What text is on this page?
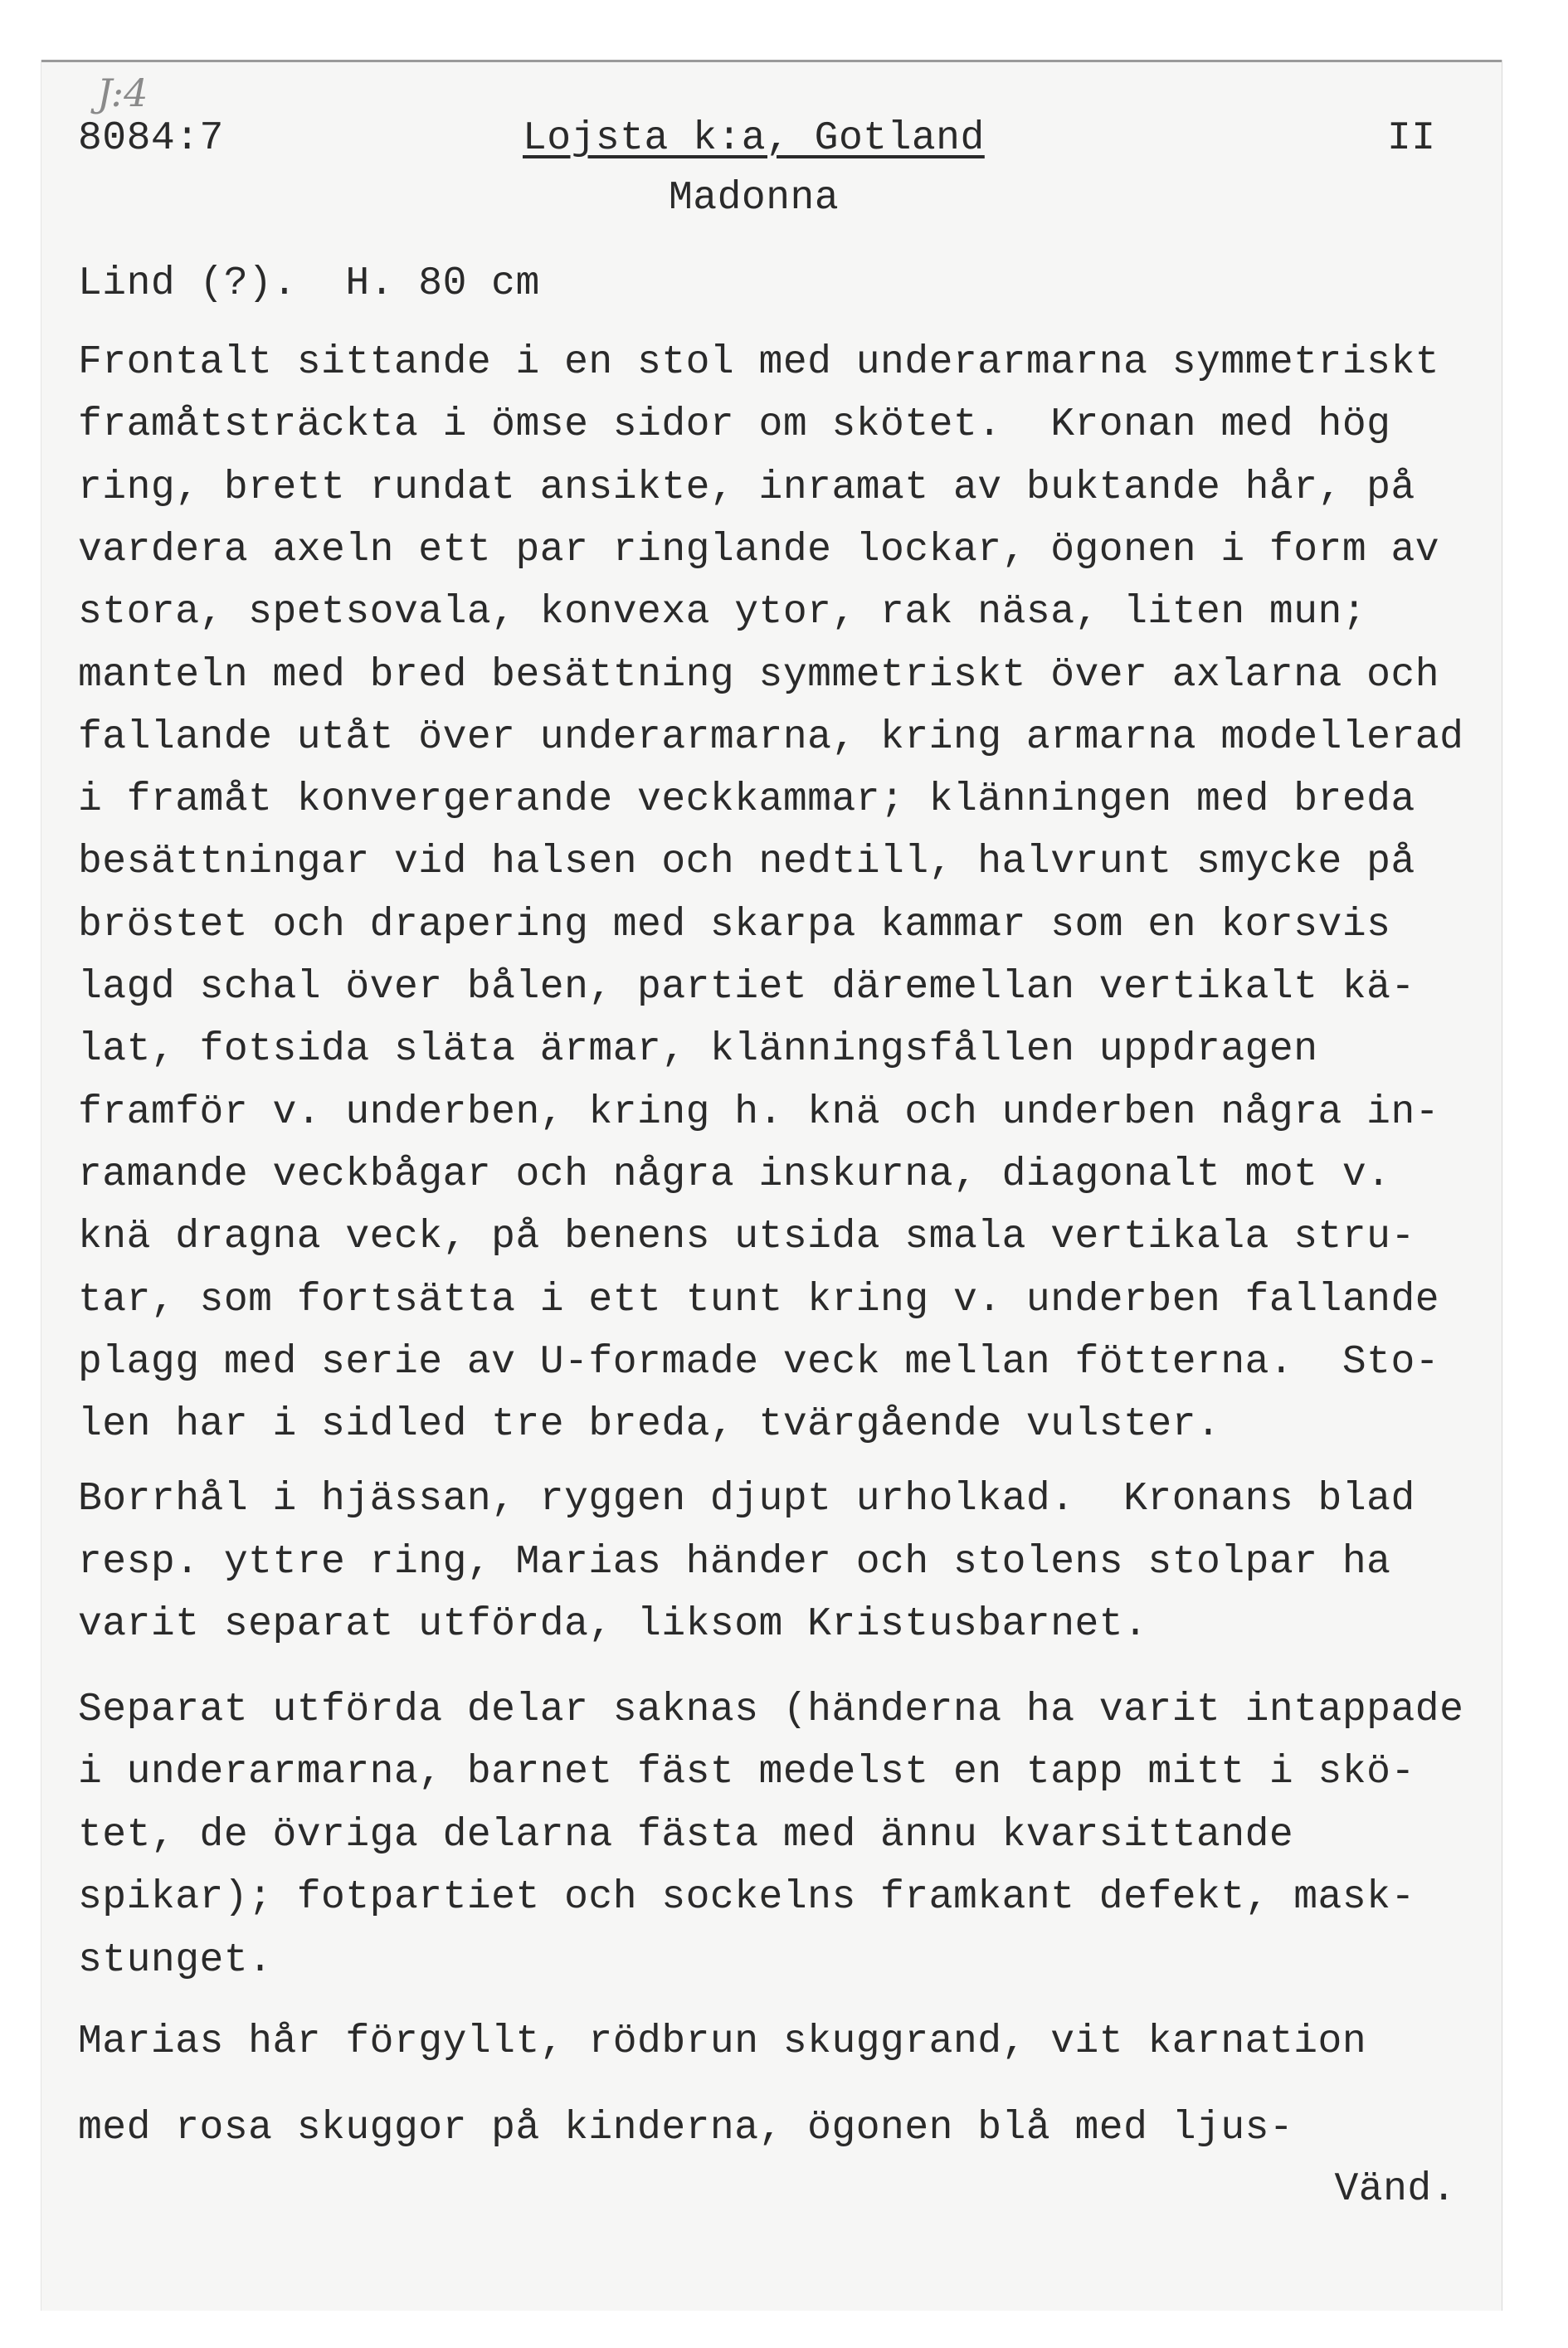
J:4
8084:7	Lojsta k:a, Gotland	II
Madonna
Lind (?).  H. 80 cm
Frontalt sittande i en stol med underarmarna symmetriskt
framåtsträckta i ömse sidor om skötet.  Kronan med hög
ring, brett rundat ansikte, inramat av buktande hår, på
vardera axeln ett par ringlande lockar, ögonen i form av
stora, spetsovala, konvexa ytor, rak näsa, liten mun;
manteln med bred besättning symmetriskt över axlarna och
fallande utåt över underarmarna, kring armarna modellerad
i framåt konvergerande veckkammar; klänningen med breda
besättningar vid halsen och nedtill, halvrunt smycke på
bröstet och drapering med skarpa kammar som en korsvis
lagd schal över bålen, partiet däremellan vertikalt kä-
lat, fotsida släta ärmar, klänningsfållen uppdragen
framför v. underben, kring h. knä och underben några in-
ramande veckbågar och några inskurna, diagonalt mot v.
knä dragna veck, på benens utsida smala vertikala stru-
tar, som fortsätta i ett tunt kring v. underben fallande
plagg med serie av U-formade veck mellan fötterna.  Sto-
len har i sidled tre breda, tvärgående vulster.
Borrhål i hjässan, ryggen djupt urholkad.  Kronans blad
resp. yttre ring, Marias händer och stolens stolpar ha
varit separat utförda, liksom Kristusbarnet.
Separat utförda delar saknas (händerna ha varit intappade
i underarmarna, barnet fäst medelst en tapp mitt i skö-
tet, de övriga delarna fästa med ännu kvarsittande
spikar); fotpartiet och sockelns framkant defekt, mask-
stunget.
Marias hår förgyllt, rödbrun skuggrand, vit karnation
med rosa skuggor på kinderna, ögonen blå med ljus-
Vänd.
